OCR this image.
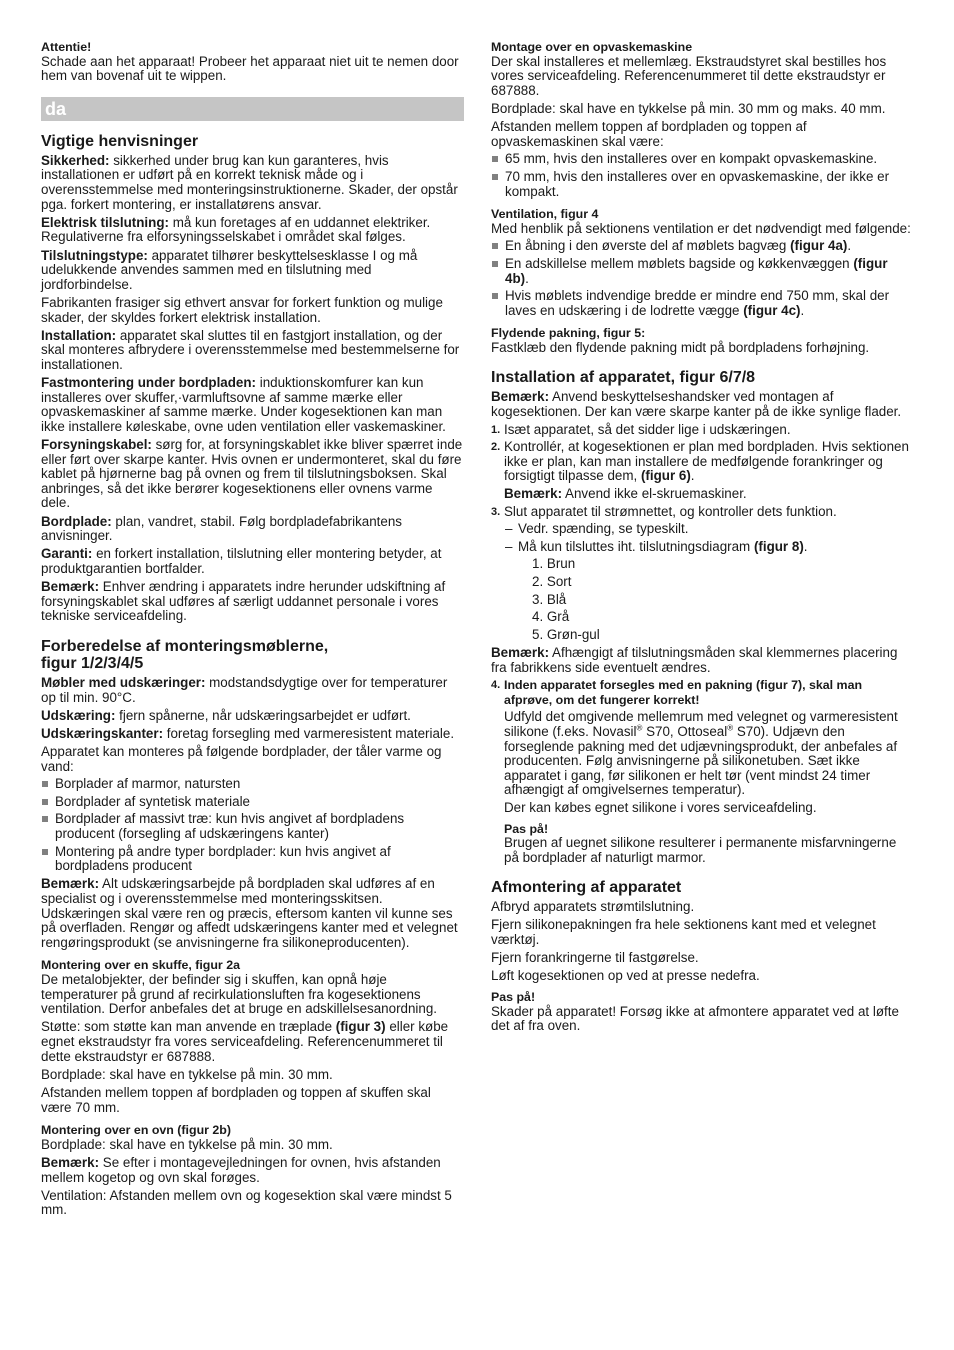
Attentie!

Schade aan het apparaat! Probeer het apparaat niet uit te nemen door hem van bovenaf uit te wippen.

da

Vigtige henvisninger

Sikkerhed: sikkerhed under brug kan kun garanteres, hvis installationen er udført på en korrekt teknisk måde og i overensstemmelse med monteringsinstruktionerne. Skader, der opstår pga. forkert montering, er installatørens ansvar.

Elektrisk tilslutning: må kun foretages af en uddannet elektriker. Regulativerne fra elforsyningsselskabet i området skal følges.

Tilslutningstype: apparatet tilhører beskyttelsesklasse I og må udelukkende anvendes sammen med en tilslutning med jordforbindelse.

Fabrikanten frasiger sig ethvert ansvar for forkert funktion og mulige skader, der skyldes forkert elektrisk installation.

Installation: apparatet skal sluttes til en fastgjort installation, og der skal monteres afbrydere i overensstemmelse med bestemmelserne for installationen.

Fastmontering under bordpladen: induktionskomfurer kan kun installeres over skuffer,·varmluftsovne af samme mærke eller opvaskemaskiner af samme mærke. Under kogesektionen kan man ikke installere køleskabe, ovne uden ventilation eller vaskemaskiner.

Forsyningskabel: sørg for, at forsyningskablet ikke bliver spærret inde eller ført over skarpe kanter. Hvis ovnen er undermonteret, skal du føre kablet på hjørnerne bag på ovnen og frem til tilslutningsboksen. Skal anbringes, så det ikke berører kogesektionens eller ovnens varme dele.

Bordplade: plan, vandret, stabil. Følg bordpladefabrikantens anvisninger.

Garanti: en forkert installation, tilslutning eller montering betyder, at produktgarantien bortfalder.

Bemærk: Enhver ændring i apparatets indre herunder udskiftning af forsyningskablet skal udføres af særligt uddannet personale i vores tekniske serviceafdeling.

Forberedelse af monteringsmøblerne,
figur 1/2/3/4/5

Møbler med udskæringer: modstandsdygtige over for temperaturer op til min. 90°C.

Udskæring: fjern spånerne, når udskæringsarbejdet er udført.

Udskæringskanter: foretag forsegling med varmeresistent materiale.

Apparatet kan monteres på følgende bordplader, der tåler varme og vand:

Borplader af marmor, natursten
Bordplader af syntetisk materiale
Bordplader af massivt træ: kun hvis angivet af bordpladens producent (forsegling af udskæringens kanter)
Montering på andre typer bordplader: kun hvis angivet af bordpladens producent

Bemærk: Alt udskæringsarbejde på bordpladen skal udføres af en specialist og i overensstemmelse med monteringsskitsen. Udskæringen skal være ren og præcis, eftersom kanten vil kunne ses på overfladen. Rengør og affedt udskæringens kanter med et velegnet rengøringsprodukt (se anvisningerne fra silikoneproducenten).

Montering over en skuffe, figur 2a

De metalobjekter, der befinder sig i skuffen, kan opnå høje temperaturer på grund af recirkulationsluften fra kogesektionens ventilation. Derfor anbefales det at bruge en adskillelsesanordning.

Støtte: som støtte kan man anvende en træplade (figur 3) eller købe egnet ekstraudstyr fra vores serviceafdeling. Referencenummeret til dette ekstraudstyr er 687888.

Bordplade: skal have en tykkelse på min. 30 mm.

Afstanden mellem toppen af bordpladen og toppen af skuffen skal være 70 mm.

Montering over en ovn (figur 2b)

Bordplade: skal have en tykkelse på min. 30 mm.

Bemærk: Se efter i montagevejledningen for ovnen, hvis afstanden mellem kogetop og ovn skal forøges.

Ventilation: Afstanden mellem ovn og kogesektion skal være mindst 5 mm.

Montage over en opvaskemaskine

Der skal installeres et mellemlæg. Ekstraudstyret skal bestilles hos vores serviceafdeling. Referencenummeret til dette ekstraudstyr er 687888.

Bordplade: skal have en tykkelse på min. 30 mm og maks. 40 mm.

Afstanden mellem toppen af bordpladen og toppen af opvaskemaskinen skal være:

65 mm, hvis den installeres over en kompakt opvaskemaskine.
70 mm, hvis den installeres over en opvaskemaskine, der ikke er kompakt.

Ventilation, figur 4

Med henblik på sektionens ventilation er det nødvendigt med følgende:

En åbning i den øverste del af møblets bagvæg (figur 4a).
En adskillelse mellem møblets bagside og køkkenvæggen (figur 4b).
Hvis møblets indvendige bredde er mindre end 750 mm, skal der laves en udskæring i de lodrette vægge (figur 4c).

Flydende pakning, figur 5:

Fastklæb den flydende pakning midt på bordpladens forhøjning.

Installation af apparatet, figur 6/7/8

Bemærk: Anvend beskyttelseshandsker ved montagen af kogesektionen. Der kan være skarpe kanter på de ikke synlige flader.

1. Isæt apparatet, så det sidder lige i udskæringen.
2. Kontrollér, at kogesektionen er plan med bordpladen. Hvis sektionen ikke er plan, kan man installere de medfølgende forankringer og forsigtigt tilpasse dem, (figur 6).
Bemærk: Anvend ikke el-skruemaskiner.
3. Slut apparatet til strømnettet, og kontroller dets funktion.
– Vedr. spænding, se typeskilt.
– Må kun tilsluttes iht. tilslutningsdiagram (figur 8).
1. Brun
2. Sort
3. Blå
4. Grå
5. Grøn-gul

Bemærk: Afhængigt af tilslutningsmåden skal klemmernes placering fra fabrikkens side eventuelt ændres.

4. Inden apparatet forsegles med en pakning (figur 7), skal man afprøve, om det fungerer korrekt!
Udfyld det omgivende mellemrum med velegnet og varmeresistent silikone (f.eks. Novasil® S70, Ottoseal® S70). Udjævn den forseglende pakning med det udjævningsprodukt, der anbefales af producenten. Følg anvisningerne på silikonetuben. Sæt ikke apparatet i gang, før silikonen er helt tør (vent mindst 24 timer afhængigt af omgivelsernes temperatur).
Der kan købes egnet silikone i vores serviceafdeling.
Pas på!
Brugen af uegnet silikone resulterer i permanente misfarvningerne på bordplader af naturligt marmor.

Afmontering af apparatet

Afbryd apparatets strømtilslutning.

Fjern silikonepakningen fra hele sektionens kant med et velegnet værktøj.

Fjern forankringerne til fastgørelse.

Løft kogesektionen op ved at presse nedefra.

Pas på!

Skader på apparatet! Forsøg ikke at afmontere apparatet ved at løfte det af fra oven.
